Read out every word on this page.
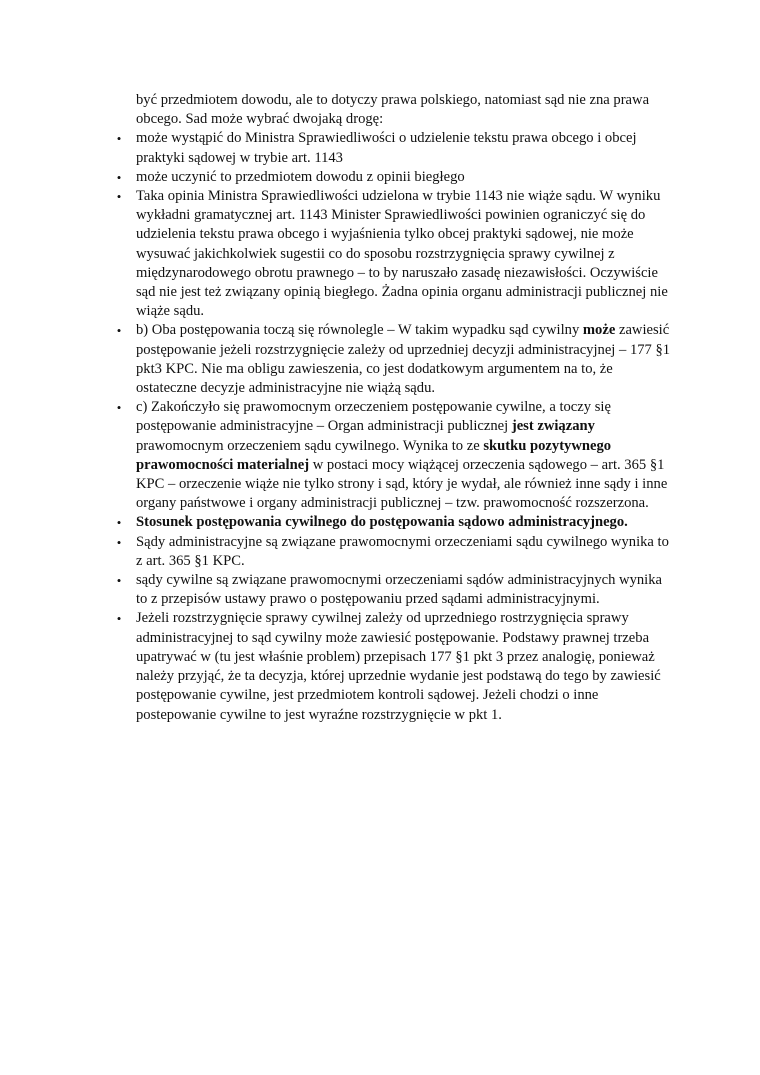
być przedmiotem dowodu, ale to dotyczy prawa polskiego, natomiast sąd nie zna prawa obcego. Sad może wybrać dwojaką drogę:

• może wystąpić do Ministra Sprawiedliwości o udzielenie tekstu prawa obcego i obcej praktyki sądowej w trybie art. 1143
• może uczynić to przedmiotem dowodu z opinii biegłego
• Taka opinia Ministra Sprawiedliwości udzielona w trybie 1143 nie wiąże sądu. W wyniku wykładni gramatycznej art. 1143 Minister Sprawiedliwości powinien ograniczyć się do udzielenia tekstu prawa obcego i wyjaśnienia tylko obcej praktyki sądowej, nie może wysuwać jakichkolwiek sugestii co do sposobu rozstrzygnięcia sprawy cywilnej z międzynarodowego obrotu prawnego – to by naruszało zasadę niezawisłości. Oczywiście sąd nie jest też związany opinią biegłego. Żadna opinia organu administracji publicznej nie wiąże sądu.
• b) Oba postępowania toczą się równolegle – W takim wypadku sąd cywilny może zawiesić postępowanie jeżeli rozstrzygnięcie zależy od uprzedniej decyzji administracyjnej – 177 §1 pkt3 KPC. Nie ma obligu zawieszenia, co jest dodatkowym argumentem na to, że ostateczne decyzje administracyjne nie wiążą sądu.
• c) Zakończyło się prawomocnym orzeczeniem postępowanie cywilne, a toczy się postępowanie administracyjne – Organ administracji publicznej jest związany prawomocnym orzeczeniem sądu cywilnego. Wynika to ze skutku pozytywnego prawomocności materialnej w postaci mocy wiążącej orzeczenia sądowego – art. 365 §1 KPC – orzeczenie wiąże nie tylko strony i sąd, który je wydał, ale również inne sądy i inne organy państwowe i organy administracji publicznej – tzw. prawomocność rozszerzona.
• Stosunek postępowania cywilnego do postępowania sądowo administracyjnego.
• Sądy administracyjne są związane prawomocnymi orzeczeniami sądu cywilnego wynika to z art. 365 §1 KPC.
• sądy cywilne są związane prawomocnymi orzeczeniami sądów administracyjnych wynika to z przepisów ustawy prawo o postępowaniu przed sądami administracyjnymi.
• Jeżeli rozstrzygnięcie sprawy cywilnej zależy od uprzedniego rostrzygnięcia sprawy administracyjnej to sąd cywilny może zawiesić postępowanie. Podstawy prawnej trzeba upatrywać w (tu jest właśnie problem) przepisach 177 §1 pkt 3 przez analogię, ponieważ należy przyjąć, że ta decyzja, której uprzednie wydanie jest podstawą do tego by zawiesić postępowanie cywilne, jest przedmiotem kontroli sądowej. Jeżeli chodzi o inne postepowanie cywilne to jest wyraźne rozstrzygnięcie w pkt 1.
